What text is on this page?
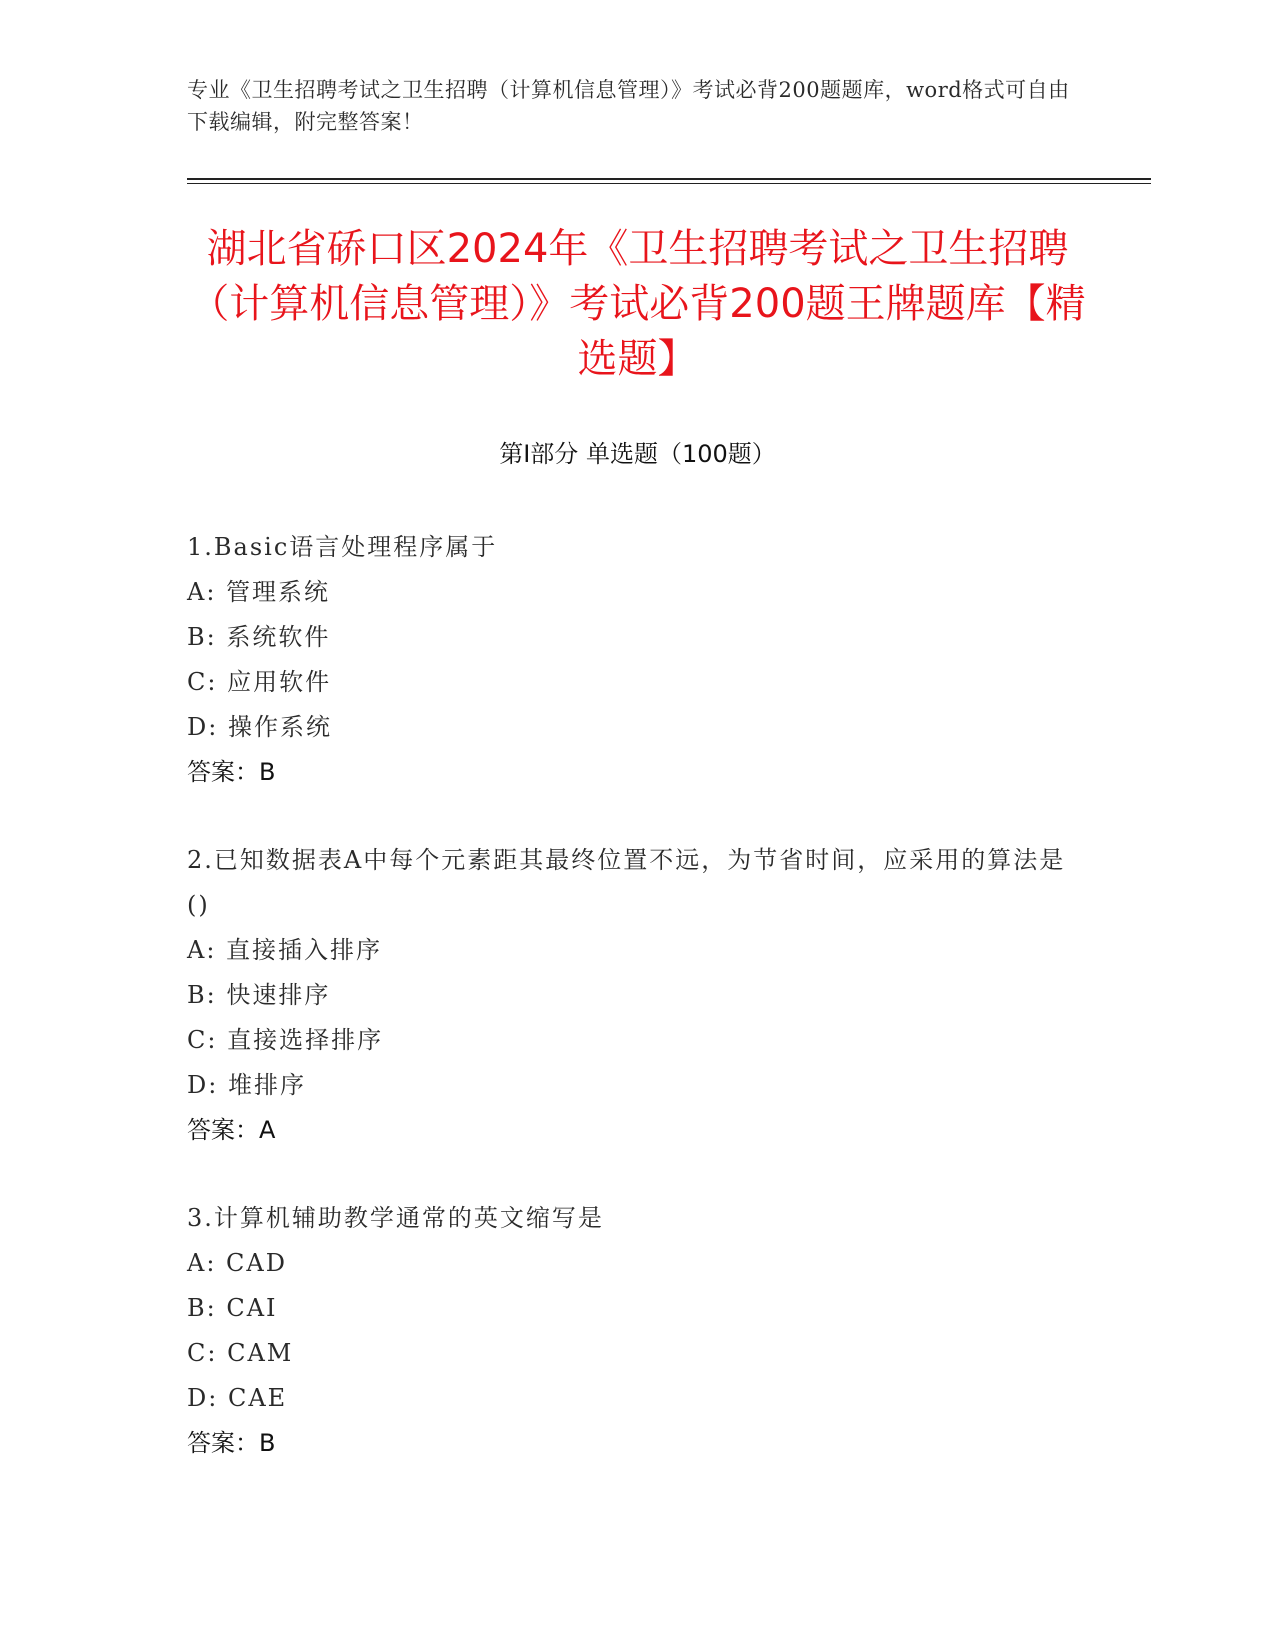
专业《卫生招聘考试之卫生招聘（计算机信息管理）》考试必背200题题库，word格式可自由下载编辑，附完整答案！
湖北省硚口区2024年《卫生招聘考试之卫生招聘（计算机信息管理）》考试必背200题王牌题库【精选题】
第Ⅰ部分 单选题（100题）
1.Basic语言处理程序属于
A: 管理系统
B: 系统软件
C: 应用软件
D: 操作系统
答案：B
2.已知数据表A中每个元素距其最终位置不远，为节省时间，应采用的算法是()
A: 直接插入排序
B: 快速排序
C: 直接选择排序
D: 堆排序
答案：A
3.计算机辅助教学通常的英文缩写是
A: CAD
B: CAI
C: CAM
D: CAE
答案：B
